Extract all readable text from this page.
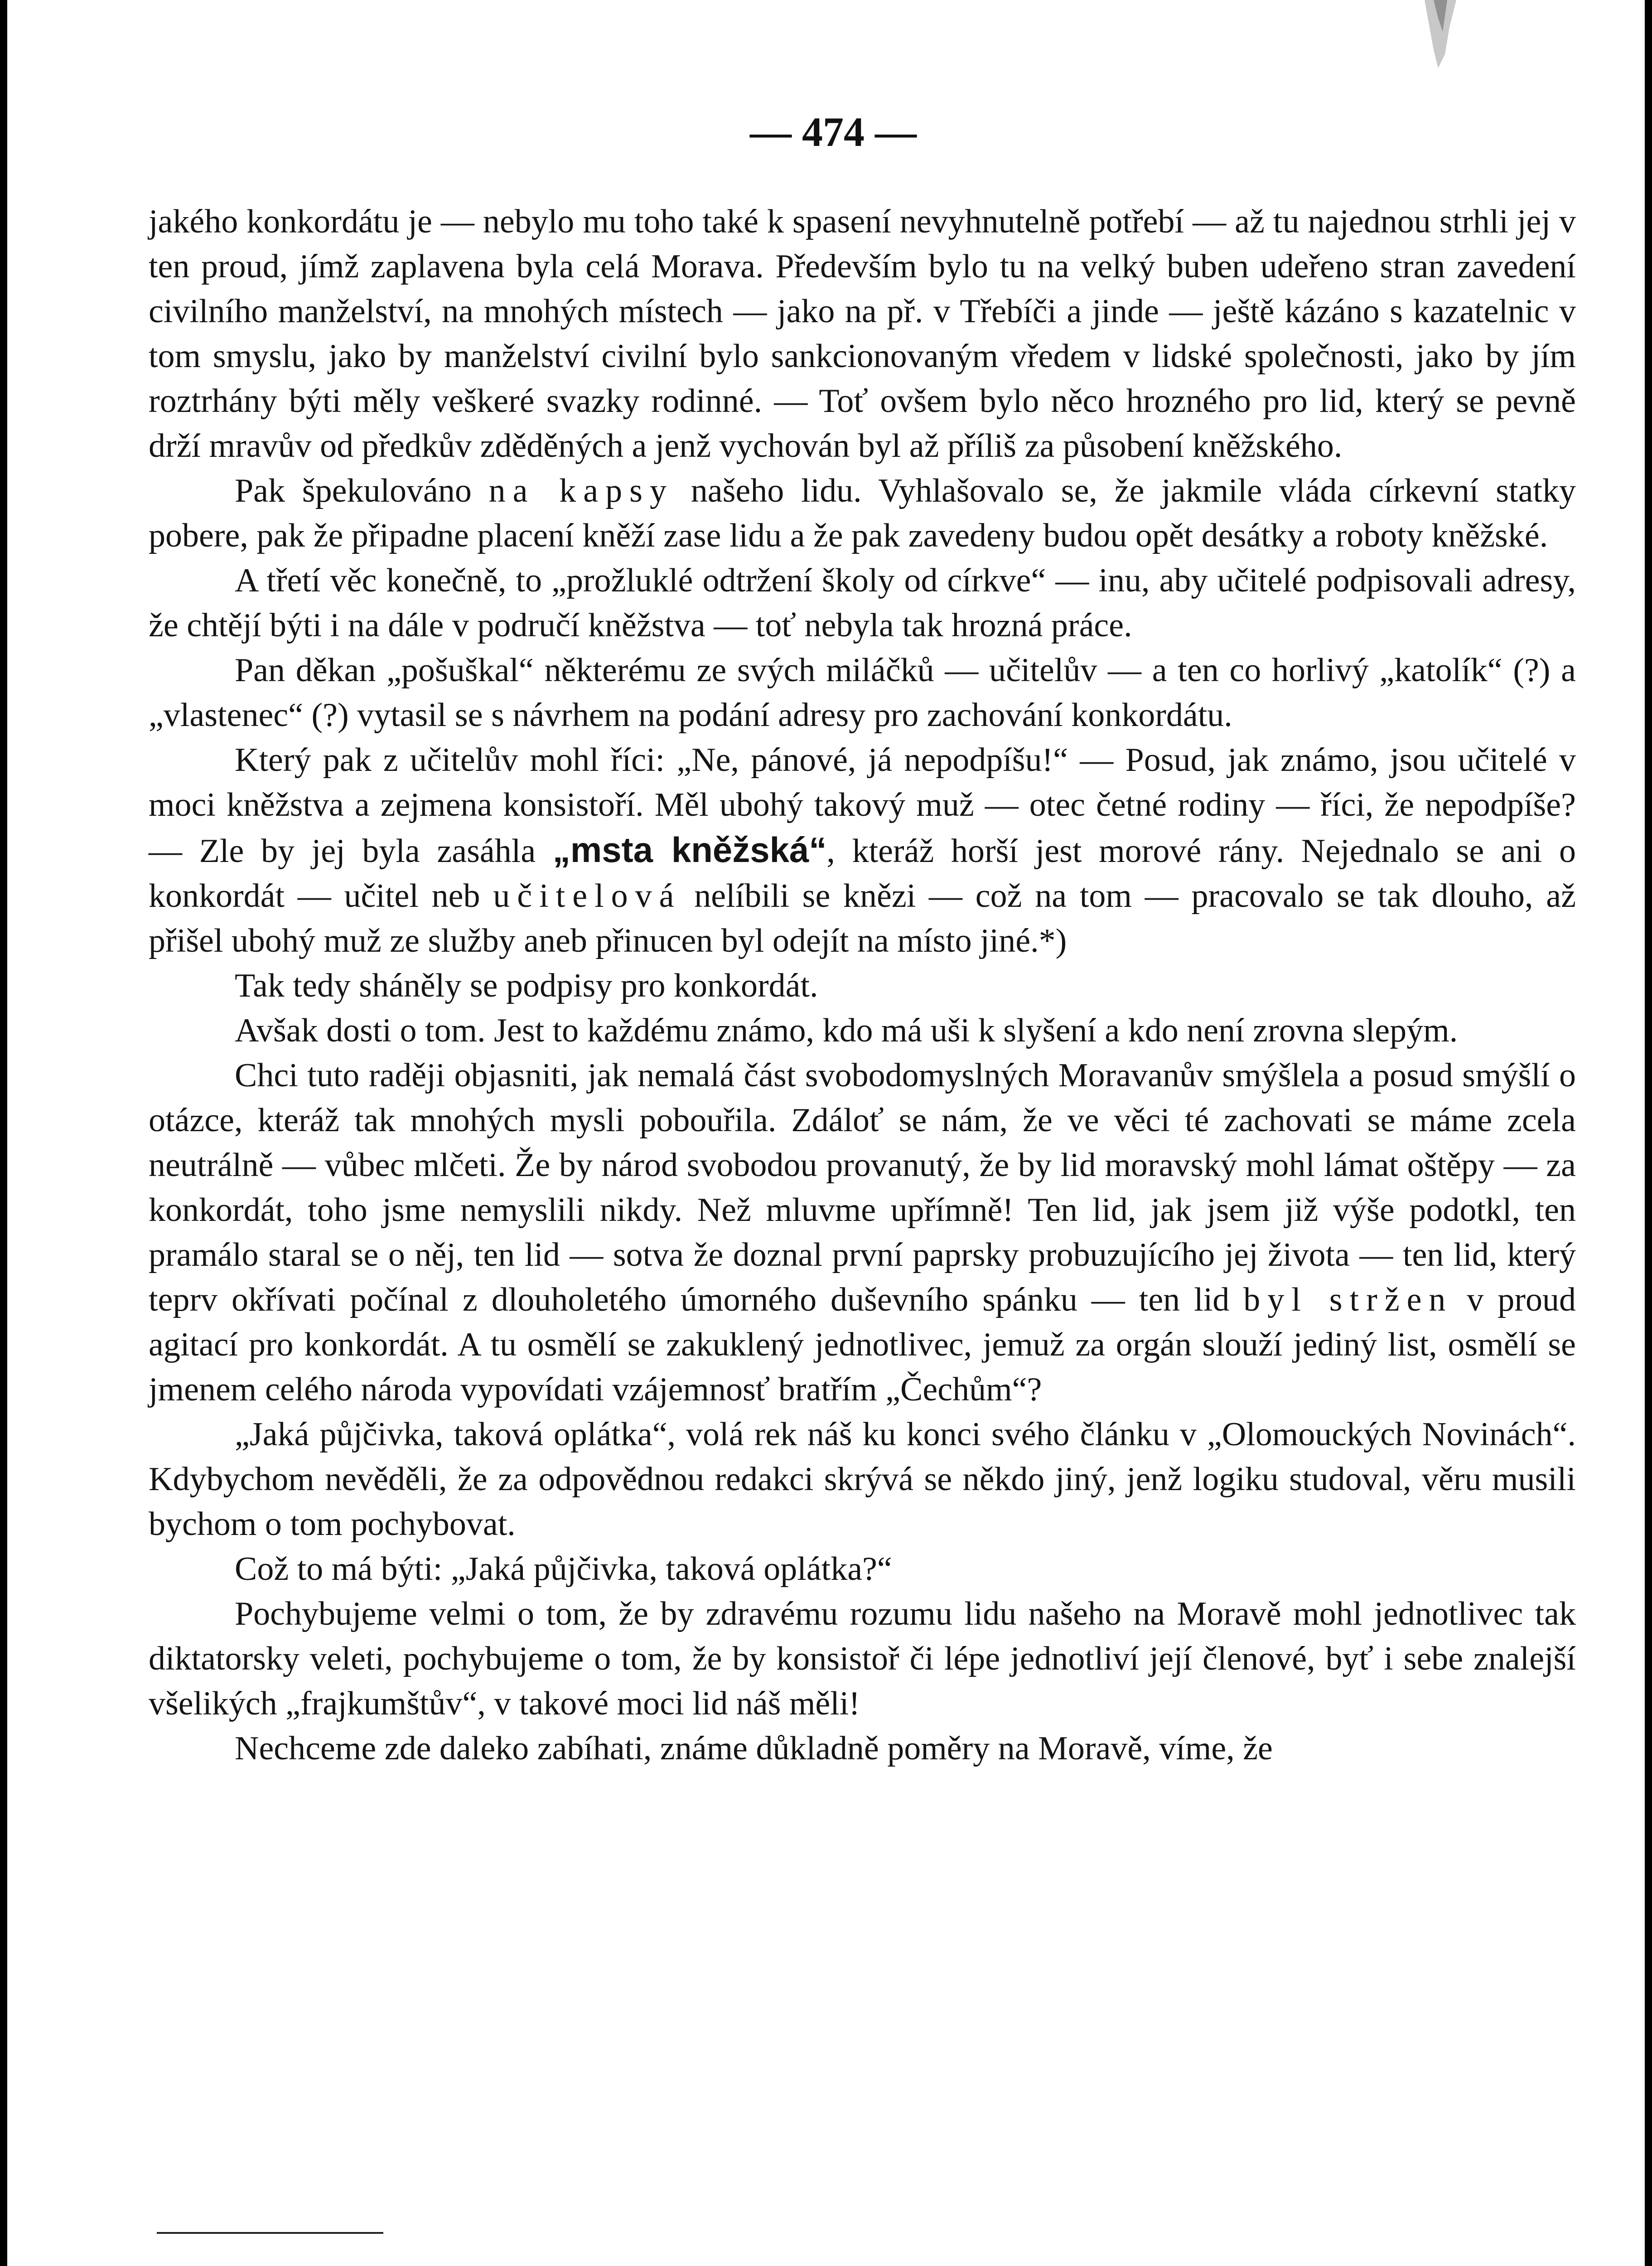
— 474 —

jakého konkordátu je — nebylo mu toho také k spasení nevyhnutelně potřebí — až tu najednou strhli jej v ten proud, jímž zaplavena byla celá Morava. Především bylo tu na velký buben udeřeno stran zavedení civilního manželství, na mnohých místech — jako na př. v Třebíči a jinde — ještě kázáno s kazatelnic v tom smyslu, jako by manželství civilní bylo sankcionovaným vředem v lidské společnosti, jako by jím roztrhány býti měly veškeré svazky rodinné. — Toť ovšem bylo něco hrozného pro lid, který se pevně drží mravův od předkův zděděných a jenž vychován byl až příliš za působení kněžského.

Pak špekulováno na kapsy našeho lidu. Vyhlašovalo se, že jakmile vláda církevní statky pobere, pak že připadne placení kněží zase lidu a že pak zavedeny budou opět desátky a roboty kněžské.

A třetí věc konečně, to „prožluklé odtržení školy od církve“ — inu, aby učitelé podpisovali adresy, že chtějí býti i na dále v područí kněžstva — toť nebyla tak hrozná práce.

Pan děkan „pošuškal“ některému ze svých miláčků — učitelův — a ten co horlivý „katolík“ (?) a „vlastenec“ (?) vytasil se s návrhem na podání adresy pro zachování konkordátu.

Který pak z učitelův mohl říci: „Ne, pánové, já nepodpíšu!“ — Posud, jak známo, jsou učitelé v moci kněžstva a zejmena konsistoří. Měl ubohý takový muž — otec četné rodiny — říci, že nepodpíše? — Zle by jej byla zasáhla „msta kněžská“, kteráž horší jest morové rány. Nejednalo se ani o konkordát — učitel neb učitelová nelíbili se knězi — což na tom — pracovalo se tak dlouho, až přišel ubohý muž ze služby aneb přinucen byl odejít na místo jiné.*)

Tak tedy sháněly se podpisy pro konkordát.

Avšak dosti o tom. Jest to každému známo, kdo má uši k slyšení a kdo není zrovna slepým.

Chci tuto raději objasniti, jak nemalá část svobodomyslných Moravanův smýšlela a posud smýšlí o otázce, kteráž tak mnohých mysli pobouřila. Zdáloť se nám, že ve věci té zachovati se máme zcela neutrálně — vůbec mlčeti. Že by národ svobodou provanutý, že by lid moravský mohl lámat oštěpy — za konkordát, toho jsme nemyslili nikdy. Než mluvme upřímně! Ten lid, jak jsem již výše podotkl, ten pramálo staral se o něj, ten lid — sotva že doznal první paprsky probuzujícího jej života — ten lid, který teprv okřívati počínal z dlouholetého úmorného duševního spánku — ten lid byl stržen v proud agitací pro konkordát. A tu osmělí se zakuklený jednotlivec, jemuž za orgán slouží jediný list, osmělí se jmenem celého národa vypovídati vzájemnosť bratřím „Čechům“?

„Jaká půjčivka, taková oplátka“, volá rek náš ku konci svého článku v „Olomouckých Novinách“. Kdybychom nevěděli, že za odpovědnou redakci skrývá se někdo jiný, jenž logiku studoval, věru musili bychom o tom pochybovat.

Což to má býti: „Jaká půjčivka, taková oplátka?“

Pochybujeme velmi o tom, že by zdravému rozumu lidu našeho na Moravě mohl jednotlivec tak diktatorsky veleti, pochybujeme o tom, že by konsistoř či lépe jednotliví její členové, byť i sebe znalejší všelikých „frajkumštův“, v takové moci lid náš měli!

Nechceme zde daleko zabíhati, známe důkladně poměry na Moravě, víme, že
